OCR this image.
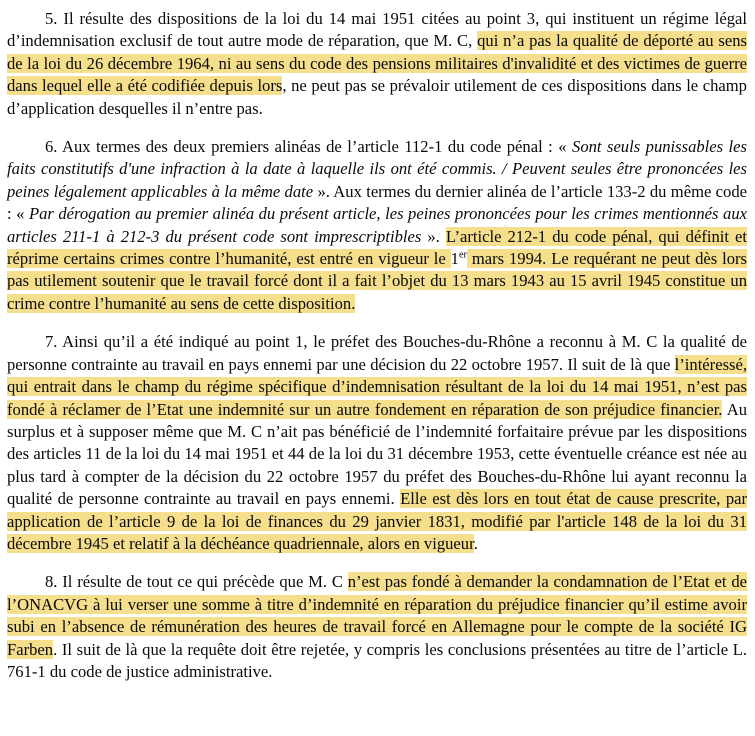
5. Il résulte des dispositions de la loi du 14 mai 1951 citées au point 3, qui instituent un régime légal d’indemnisation exclusif de tout autre mode de réparation, que M. C, qui n’a pas la qualité de déporté au sens de la loi du 26 décembre 1964, ni au sens du code des pensions militaires d'invalidité et des victimes de guerre dans lequel elle a été codifiée depuis lors, ne peut pas se prévaloir utilement de ces dispositions dans le champ d’application desquelles il n’entre pas.

6. Aux termes des deux premiers alinéas de l’article 112-1 du code pénal : « Sont seuls punissables les faits constitutifs d'une infraction à la date à laquelle ils ont été commis. / Peuvent seules être prononcées les peines légalement applicables à la même date ». Aux termes du dernier alinéa de l’article 133-2 du même code : « Par dérogation au premier alinéa du présent article, les peines prononcées pour les crimes mentionnés aux articles 211-1 à 212-3 du présent code sont imprescriptibles ». L’article 212-1 du code pénal, qui définit et réprime certains crimes contre l’humanité, est entré en vigueur le 1er mars 1994. Le requérant ne peut dès lors pas utilement soutenir que le travail forcé dont il a fait l’objet du 13 mars 1943 au 15 avril 1945 constitue un crime contre l’humanité au sens de cette disposition.

7. Ainsi qu’il a été indiqué au point 1, le préfet des Bouches-du-Rhône a reconnu à M. C la qualité de personne contrainte au travail en pays ennemi par une décision du 22 octobre 1957. Il suit de là que l’intéressé, qui entrait dans le champ du régime spécifique d’indemnisation résultant de la loi du 14 mai 1951, n’est pas fondé à réclamer de l’Etat une indemnité sur un autre fondement en réparation de son préjudice financier. Au surplus et à supposer même que M. C n’ait pas bénéficié de l’indemnité forfaitaire prévue par les dispositions des articles 11 de la loi du 14 mai 1951 et 44 de la loi du 31 décembre 1953, cette éventuelle créance est née au plus tard à compter de la décision du 22 octobre 1957 du préfet des Bouches-du-Rhône lui ayant reconnu la qualité de personne contrainte au travail en pays ennemi. Elle est dès lors en tout état de cause prescrite, par application de l’article 9 de la loi de finances du 29 janvier 1831, modifié par l'article 148 de la loi du 31 décembre 1945 et relatif à la déchéance quadriennale, alors en vigueur.

8. Il résulte de tout ce qui précède que M. C n’est pas fondé à demander la condamnation de l’Etat et de l’ONACVG à lui verser une somme à titre d’indemnité en réparation du préjudice financier qu’il estime avoir subi en l’absence de rémunération des heures de travail forcé en Allemagne pour le compte de la société IG Farben. Il suit de là que la requête doit être rejetée, y compris les conclusions présentées au titre de l’article L. 761-1 du code de justice administrative.
